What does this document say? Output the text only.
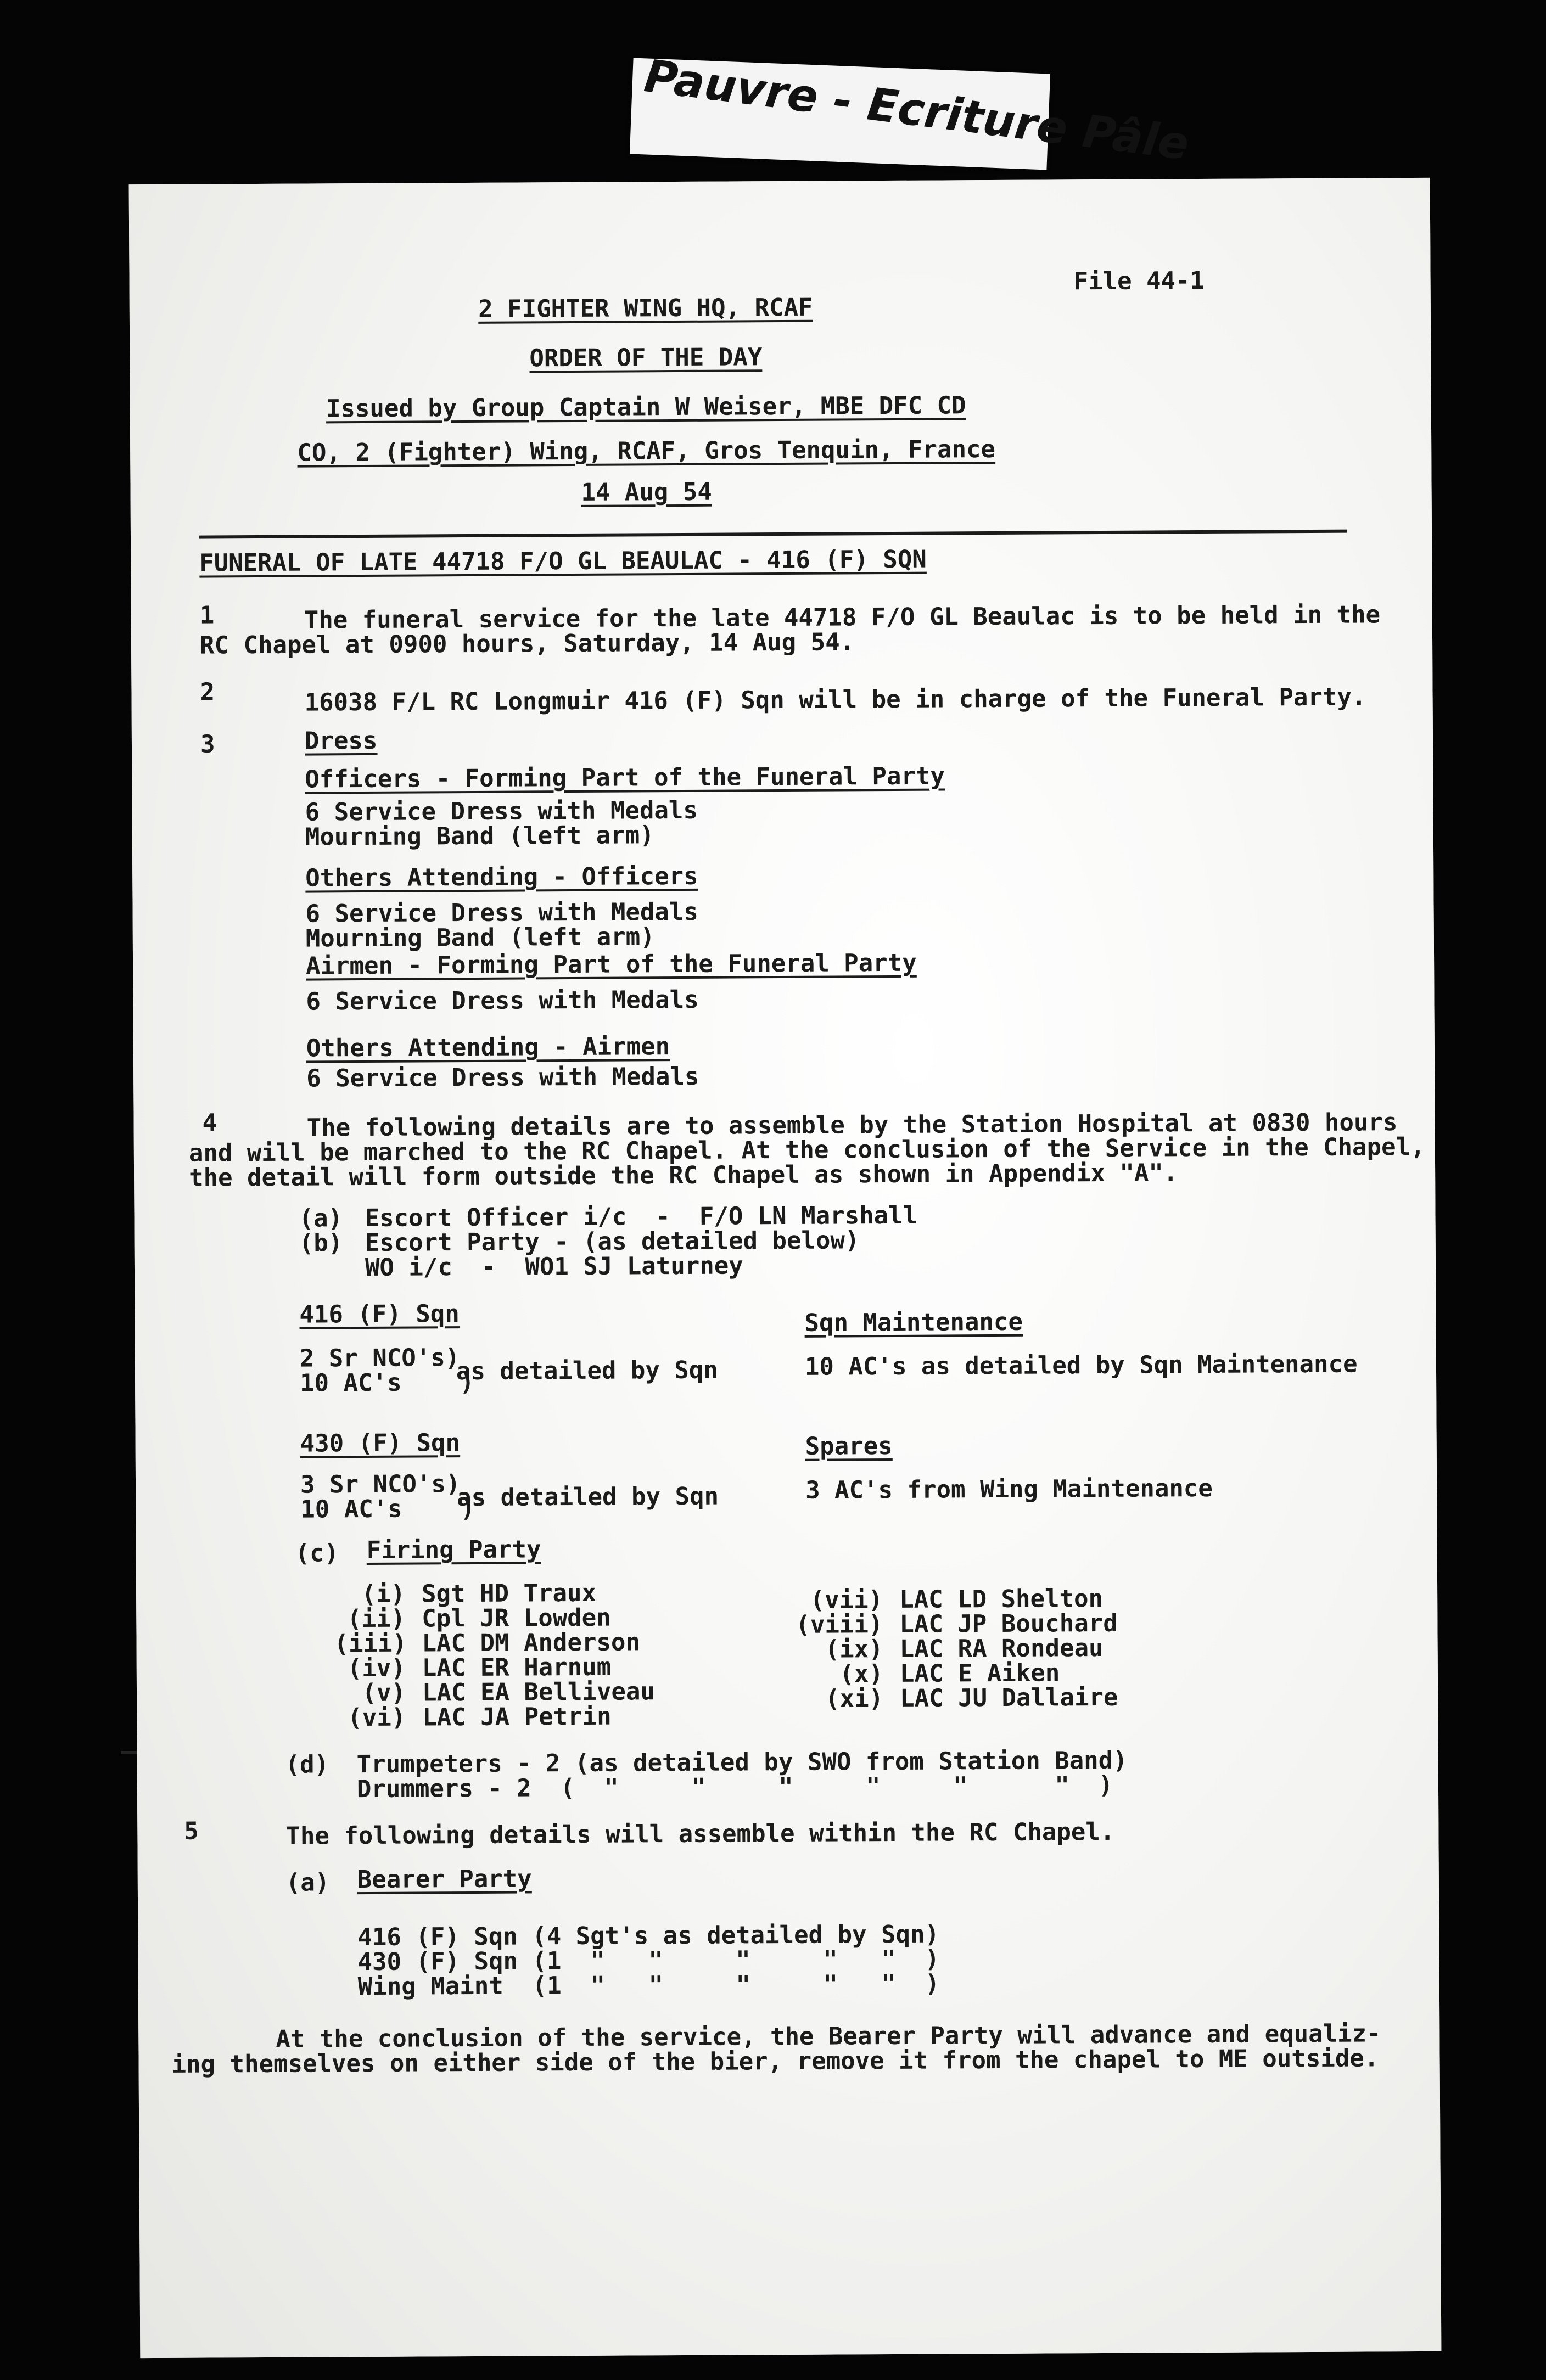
Pauvre - Ecriture Pâle
File 44-1
2 FIGHTER WING HQ, RCAF
ORDER OF THE DAY
Issued by Group Captain W Weiser, MBE DFC CD
CO, 2 (Fighter) Wing, RCAF, Gros Tenquin, France
14 Aug 54
FUNERAL OF LATE 44718 F/O GL BEAULAC - 416 (F) SQN
1	The funeral service for the late 44718 F/O GL Beaulac is to be held in the
RC Chapel at 0900 hours, Saturday, 14 Aug 54.
2	16038 F/L RC Longmuir 416 (F) Sqn will be in charge of the Funeral Party.
3	Dress
Officers - Forming Part of the Funeral Party
6 Service Dress with Medals
Mourning Band (left arm)
Others Attending - Officers
6 Service Dress with Medals
Mourning Band (left arm)
Airmen - Forming Part of the Funeral Party
6 Service Dress with Medals
Others Attending - Airmen
6 Service Dress with Medals
4	The following details are to assemble by the Station Hospital at 0830 hours
and will be marched to the RC Chapel. At the conclusion of the Service in the Chapel,
the detail will form outside the RC Chapel as shown in Appendix "A".
(a) Escort Officer i/c  -  F/O LN Marshall
(b) Escort Party - (as detailed below)
WO i/c  -  WO1 SJ Laturney
416 (F) Sqn
2 Sr NCO's)
10 AC's    )
as detailed by Sqn
Sqn Maintenance
10 AC's as detailed by Sqn Maintenance
430 (F) Sqn
3 Sr NCO's)
10 AC's    )
as detailed by Sqn
Spares
3 AC's from Wing Maintenance
(c) Firing Party
(i) Sgt HD Traux
(ii) Cpl JR Lowden
(iii) LAC DM Anderson
(iv) LAC ER Harnum
(v) LAC EA Belliveau
(vi) LAC JA Petrin
(vii) LAC LD Shelton
(viii) LAC JP Bouchard
(ix) LAC RA Rondeau
(x) LAC E Aiken
(xi) LAC JU Dallaire
(d) Trumpeters - 2 (as detailed by SWO from Station Band)
Drummers - 2  (  "     "     "     "     "      "  )
5	The following details will assemble within the RC Chapel.
(a) Bearer Party
416 (F) Sqn (4 Sgt's as detailed by Sqn)
430 (F) Sqn (1  "   "     "     "   "  )
Wing Maint  (1  "   "     "     "   "  )
At the conclusion of the service, the Bearer Party will advance and equaliz-
ing themselves on either side of the bier, remove it from the chapel to ME outside.
